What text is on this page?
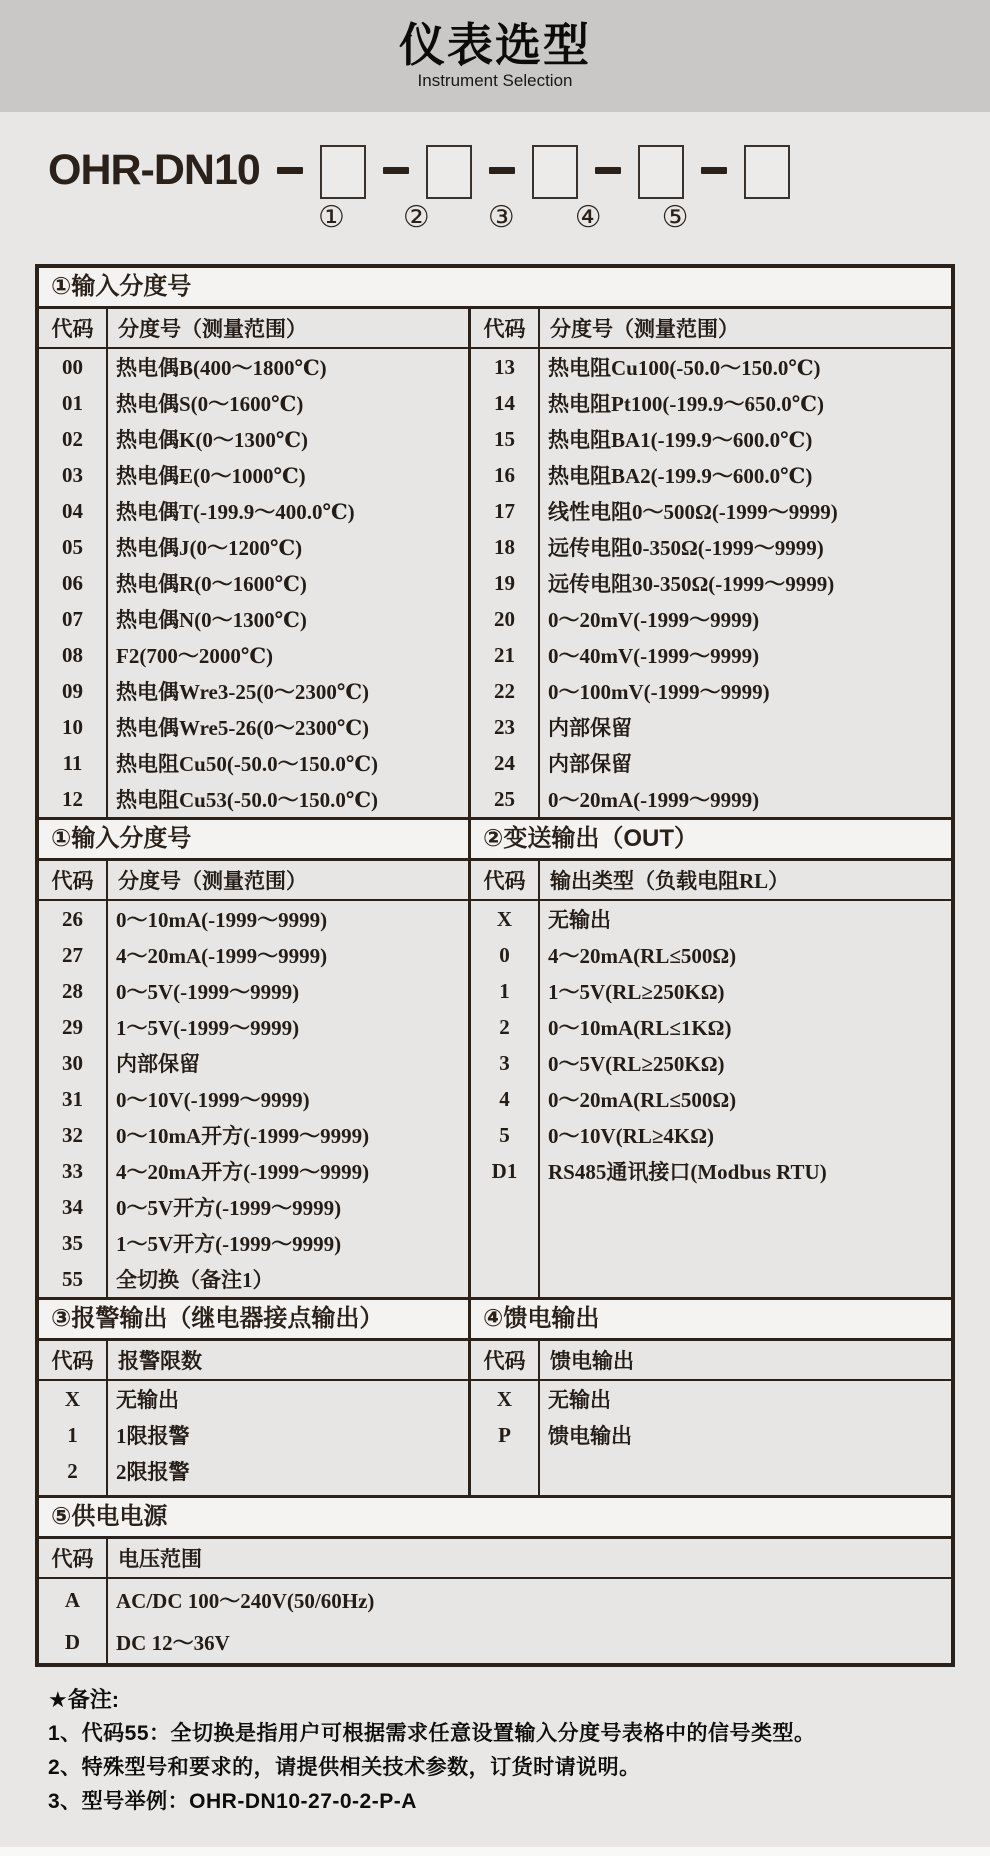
仪表选型
Instrument Selection
OHR-DN10
① ② ③ ④ ⑤
①输入分度号
代码	分度号（测量范围）	代码	分度号（测量范围）
00	热电偶B(400～1800℃)
01	热电偶S(0～1600℃)
02	热电偶K(0～1300℃)
03	热电偶E(0～1000℃)
04	热电偶T(-199.9～400.0℃)
05	热电偶J(0～1200℃)
06	热电偶R(0～1600℃)
07	热电偶N(0～1300℃)
08	F2(700～2000℃)
09	热电偶Wre3-25(0～2300℃)
10	热电偶Wre5-26(0～2300℃)
11	热电阻Cu50(-50.0～150.0℃)
12	热电阻Cu53(-50.0～150.0℃)
13	热电阻Cu100(-50.0～150.0℃)
14	热电阻Pt100(-199.9～650.0℃)
15	热电阻BA1(-199.9～600.0℃)
16	热电阻BA2(-199.9～600.0℃)
17	线性电阻0～500Ω(-1999～9999)
18	远传电阻0-350Ω(-1999～9999)
19	远传电阻30-350Ω(-1999～9999)
20	0～20mV(-1999～9999)
21	0～40mV(-1999～9999)
22	0～100mV(-1999～9999)
23	内部保留
24	内部保留
25	0～20mA(-1999～9999)
①输入分度号	②变送输出（OUT）
代码	分度号（测量范围）	代码	输出类型（负载电阻RL）
26	0～10mA(-1999～9999)
27	4～20mA(-1999～9999)
28	0～5V(-1999～9999)
29	1～5V(-1999～9999)
30	内部保留
31	0～10V(-1999～9999)
32	0～10mA开方(-1999～9999)
33	4～20mA开方(-1999～9999)
34	0～5V开方(-1999～9999)
35	1～5V开方(-1999～9999)
55	全切换（备注1）
X	无输出
0	4～20mA(RL≤500Ω)
1	1～5V(RL≥250KΩ)
2	0～10mA(RL≤1KΩ)
3	0～5V(RL≥250KΩ)
4	0～20mA(RL≤500Ω)
5	0～10V(RL≥4KΩ)
D1	RS485通讯接口(Modbus RTU)
③报警输出（继电器接点输出）	④馈电输出
代码	报警限数	代码	馈电输出
X	无输出
1	1限报警
2	2限报警
X	无输出
P	馈电输出
⑤供电电源
代码	电压范围
A	AC/DC 100～240V(50/60Hz)
D	DC 12～36V
★备注:
1、代码55：全切换是指用户可根据需求任意设置输入分度号表格中的信号类型。
2、特殊型号和要求的，请提供相关技术参数，订货时请说明。
3、型号举例：OHR-DN10-27-0-2-P-A
